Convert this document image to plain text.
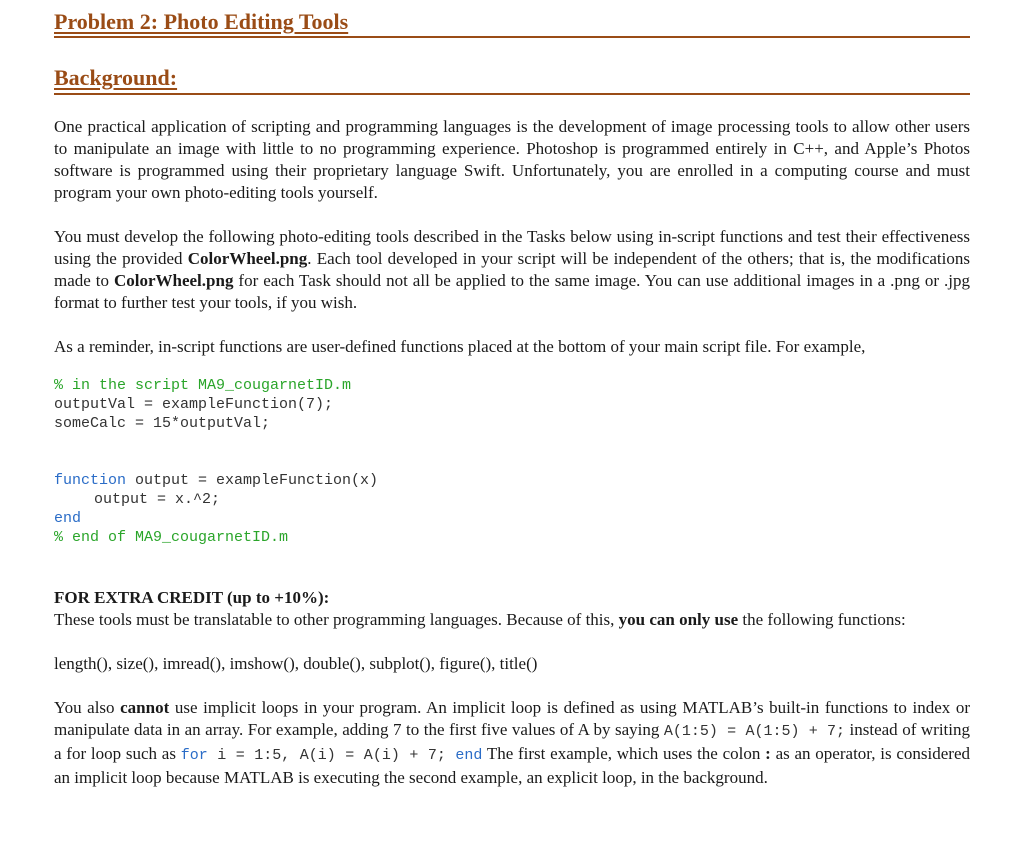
Problem 2: Photo Editing Tools
Background:

One practical application of scripting and programming languages is the development of image processing tools to allow other users to manipulate an image with little to no programming experience. Photoshop is programmed entirely in C++, and Apple’s Photos software is programmed using their proprietary language Swift. Unfortunately, you are enrolled in a computing course and must program your own photo-editing tools yourself.

You must develop the following photo-editing tools described in the Tasks below using in-script functions and test their effectiveness using the provided ColorWheel.png. Each tool developed in your script will be independent of the others; that is, the modifications made to ColorWheel.png for each Task should not all be applied to the same image. You can use additional images in a .png or .jpg format to further test your tools, if you wish.

As a reminder, in-script functions are user-defined functions placed at the bottom of your main script file. For example,

% in the script MA9_cougarnetID.m
outputVal = exampleFunction(7);
someCalc = 15*outputVal;
function output = exampleFunction(x)
output = x.^2;
end
% end of MA9_cougarnetID.m
FOR EXTRA CREDIT (up to +10%):

These tools must be translatable to other programming languages. Because of this, you can only use the following functions:

length(), size(), imread(), imshow(), double(), subplot(), figure(), title()

You also cannot use implicit loops in your program. An implicit loop is defined as using MATLAB’s built-in functions to index or manipulate data in an array. For example, adding 7 to the first five values of A by saying A(1:5) = A(1:5) + 7; instead of writing a for loop such as for i = 1:5, A(i) = A(i) + 7; end The first example, which uses the colon : as an operator, is considered an implicit loop because MATLAB is executing the second example, an explicit loop, in the background.
